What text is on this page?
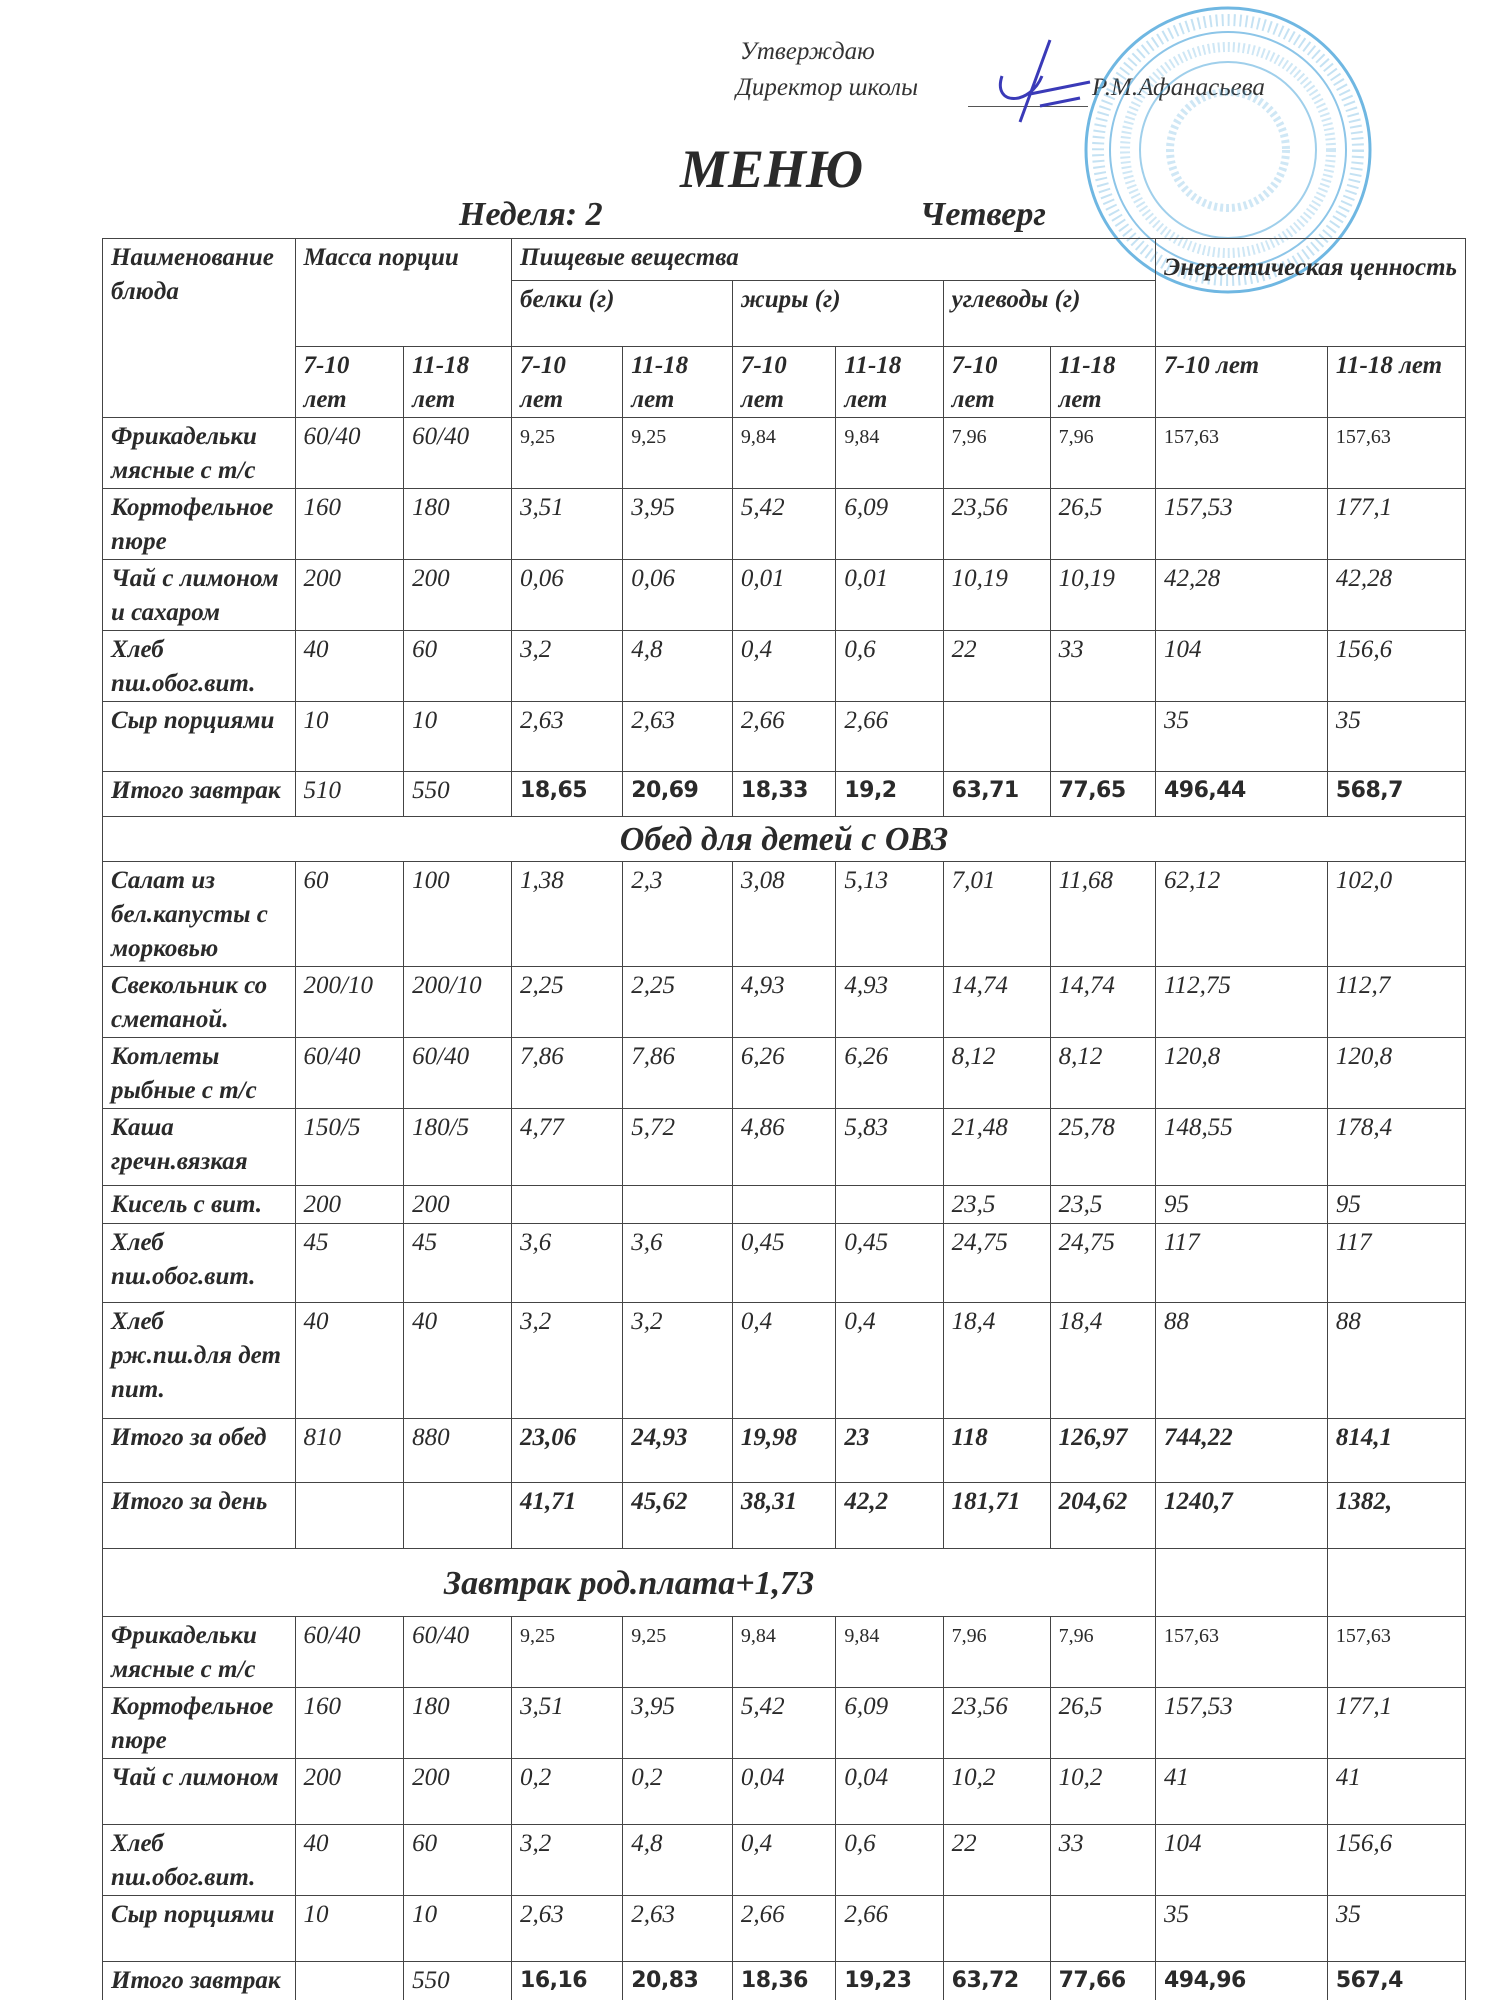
Утверждаю
Директор школы	Р.М.Афанасьева
МЕНЮ
Неделя: 2	Четверг
Наименование блюда	Масса порции		Пищевые вещества						Энергетическая ценность	
			белки (г)		жиры (г)		углеводы (г)			
	7-10 лет	11-18 лет	7-10 лет	11-18 лет	7-10 лет	11-18 лет	7-10 лет	11-18 лет	7-10 лет	11-18 лет
Фрикадельки мясные с т/с	60/40	60/40	9,25	9,25	9,84	9,84	7,96	7,96	157,63	157,63
Кортофельное пюре	160	180	3,51	3,95	5,42	6,09	23,56	26,5	157,53	177,1
Чай с лимоном и сахаром	200	200	0,06	0,06	0,01	0,01	10,19	10,19	42,28	42,28
Хлеб пш.обог.вит.	40	60	3,2	4,8	0,4	0,6	22	33	104	156,6
Сыр порциями	10	10	2,63	2,63	2,66	2,66			35	35
Итого завтрак	510	550	18,65	20,69	18,33	19,2	63,71	77,65	496,44	568,7
Обед для детей с ОВЗ										
Салат из бел.капусты с морковью	60	100	1,38	2,3	3,08	5,13	7,01	11,68	62,12	102,0
Свекольник со сметаной.	200/10	200/10	2,25	2,25	4,93	4,93	14,74	14,74	112,75	112,7
Котлеты рыбные с т/с	60/40	60/40	7,86	7,86	6,26	6,26	8,12	8,12	120,8	120,8
Каша гречн.вязкая	150/5	180/5	4,77	5,72	4,86	5,83	21,48	25,78	148,55	178,4
Кисель с вит.	200	200					23,5	23,5	95	95
Хлеб пш.обог.вит.	45	45	3,6	3,6	0,45	0,45	24,75	24,75	117	117
Хлеб рж.пш.для дет пит.	40	40	3,2	3,2	0,4	0,4	18,4	18,4	88	88
Итого за обед	810	880	23,06	24,93	19,98	23	118	126,97	744,22	814,1
Итого за день			41,71	45,62	38,31	42,2	181,71	204,62	1240,7	1382,
Завтрак род.плата+1,73										
Фрикадельки мясные с т/с	60/40	60/40	9,25	9,25	9,84	9,84	7,96	7,96	157,63	157,63
Кортофельное пюре	160	180	3,51	3,95	5,42	6,09	23,56	26,5	157,53	177,1
Чай с лимоном	200	200	0,2	0,2	0,04	0,04	10,2	10,2	41	41
Хлеб пш.обог.вит.	40	60	3,2	4,8	0,4	0,6	22	33	104	156,6
Сыр порциями	10	10	2,63	2,63	2,66	2,66			35	35
Итого завтрак		550	16,16	20,83	18,36	19,23	63,72	77,66	494,96	567,4
